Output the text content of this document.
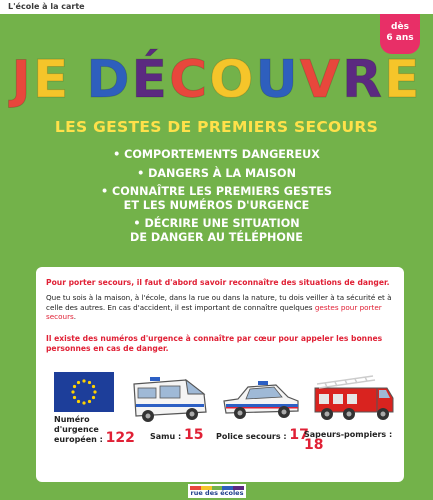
L'école à la carte
dès
6 ans
JE DÉCOUVRE
LES GESTES DE PREMIERS SECOURS
• COMPORTEMENTS DANGEREUX
• DANGERS À LA MAISON
• CONNAÎTRE LES PREMIERS GESTES
ET LES NUMÉROS D'URGENCE
• DÉCRIRE UNE SITUATION
DE DANGER AU TÉLÉPHONE
Pour porter secours, il faut d'abord savoir reconnaître des situations de danger.
Que tu sois à la maison, à l'école, dans la rue ou dans la nature, tu dois veiller à ta sécurité et à celle des autres. En cas d'accident, il est important de connaître quelques gestes pour porter secours.
Il existe des numéros d'urgence à connaître par cœur pour appeler les bonnes personnes en cas de danger.
Numéro
d'urgence
européen : 122 Samu : 15 Police secours : 17
Sapeurs-pompiers : 18
rue des écoles
